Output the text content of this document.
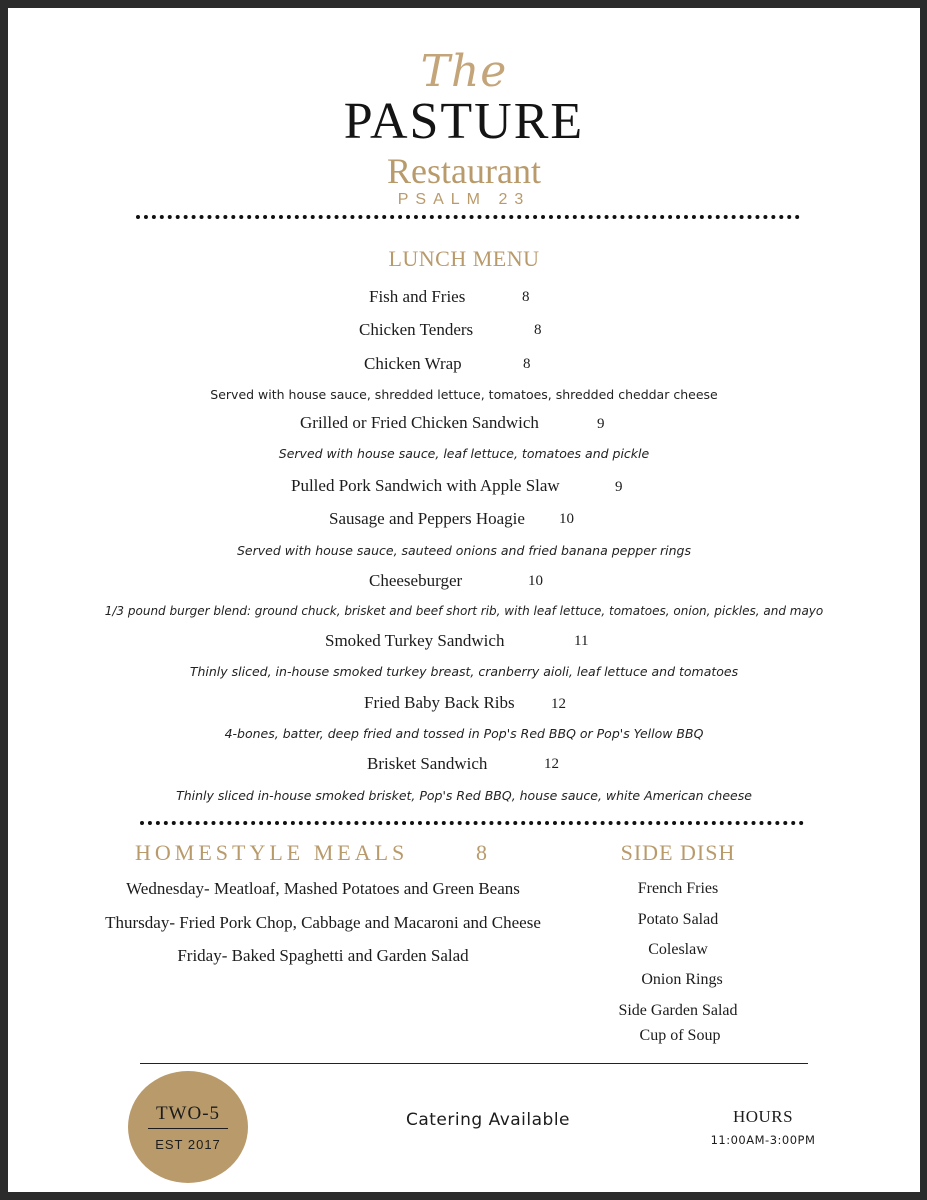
The
PASTURE
Restaurant
PSALM 23
LUNCH MENU
Fish and Fries	8
Chicken Tenders	8
Chicken Wrap	8
Served with house sauce, shredded lettuce, tomatoes, shredded cheddar cheese
Grilled or Fried Chicken Sandwich	9
Served with house sauce, leaf lettuce, tomatoes and pickle
Pulled Pork Sandwich with Apple Slaw	9
Sausage and Peppers Hoagie 10
Served with house sauce, sauteed onions and fried banana pepper rings
Cheeseburger	10
1/3 pound burger blend: ground chuck, brisket and beef short rib, with leaf lettuce, tomatoes, onion, pickles, and mayo
Smoked Turkey Sandwich	11
Thinly sliced, in-house smoked turkey breast, cranberry aioli, leaf lettuce and tomatoes
Fried Baby Back Ribs 12
4-bones, batter, deep fried and tossed in Pop's Red BBQ or Pop's Yellow BBQ
Brisket Sandwich	12
Thinly sliced in-house smoked brisket, Pop's Red BBQ, house sauce, white American cheese
HOMESTYLE MEALS	8
Wednesday- Meatloaf, Mashed Potatoes and Green Beans
Thursday- Fried Pork Chop, Cabbage and Macaroni and Cheese
Friday- Baked Spaghetti and Garden Salad
SIDE DISH
French Fries
Potato Salad
Coleslaw
Onion Rings
Side Garden Salad
Cup of Soup
TWO-5
EST 2017
Catering Available	HOURS
11:00AM-3:00PM
